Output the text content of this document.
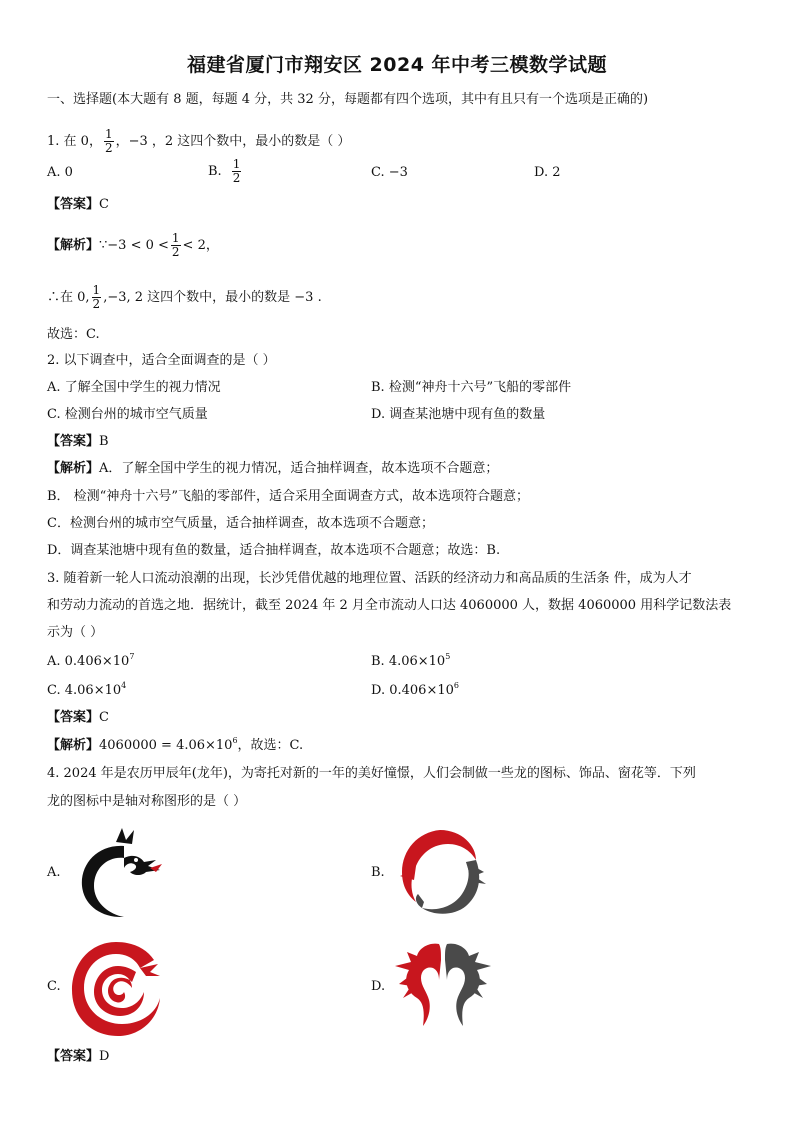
福建省厦门市翔安区 2024 年中考三模数学试题
一、选择题(本大题有 8 题，每题 4 分，共 32 分，每题都有四个选项，其中有且只有一个选项是正确的)
1. 在 0， $\frac{1}{2}$ ，−3 ，2 这四个数中，最小的数是（ ）
A. 0	B. $\frac{1}{2}$	C. −3	D. 2
【答案】C
【解析】∵−3 < $0 < \frac{1}{2} < 2$，
∴在 0, $\frac{1}{2} ,-3$, 2 这四个数中，最小的数是 −3 .
故选：C.
2. 以下调查中，适合全面调查的是（ ）
A. 了解全国中学生的视力情况	B. 检测“神舟十六号”飞船的零部件
C. 检测台州的城市空气质量	D. 调查某池塘中现有鱼的数量
【答案】B
【解析】A．了解全国中学生的视力情况，适合抽样调查，故本选项不合题意；
B． 检测“神舟十六号”飞船的零部件，适合采用全面调查方式，故本选项符合题意；
C．检测台州的城市空气质量，适合抽样调查，故本选项不合题意；
D．调查某池塘中现有鱼的数量，适合抽样调查，故本选项不合题意；故选：B.
3. 随着新一轮人口流动浪潮的出现，长沙凭借优越的地理位置、活跃的经济动力和高品质的生活条 件，成为人才
和劳动力流动的首选之地．据统计，截至 2024 年 2 月全市流动人口达 4060000 人，数据 4060000 用科学记数法表
示为（ ）
A. $0.406\times 10^7$	B. $4.06\times 10^5$
C. $4.06\times 10^4$	D. $0.406\times 10^6$
【答案】C
【解析】$4060000 = 4.06\times 10^6$，故选：C.
4. 2024 年是农历甲辰年(龙年)，为寄托对新的一年的美好憧憬，人们会制做一些龙的图标、饰品、窗花等．下列
龙的图标中是轴对称图形的是（ ）
A.	B.
C.	D.
【答案】D
